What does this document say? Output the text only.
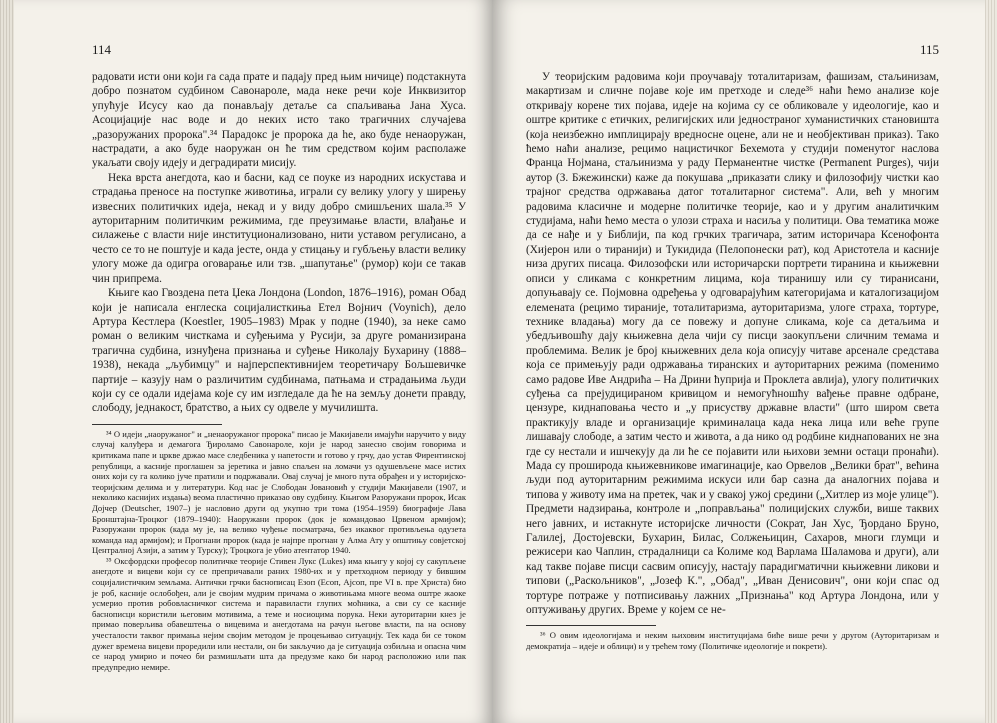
114

радовати исти они који га сада прате и падају пред њим ничице) подстакнута добро познатом судбином Савонароле, мада неке речи које Инквизитор упућује Исусу као да понављају детаље са спаљивања Јана Хуса. Асоцијације нас воде и до неких исто тако трагичних случајева „разоружаних пророка".³⁴ Парадокс је пророка да he, ако буде ненаоружан, настрадати, а ако буде наоружан он ће тим средством којим располаже укаљати своју идеју и деградирати мисију.

Нека врста анегдота, као и басни, кад се поуке из народних искустава и страдања преносе на поступке животиња, играли су велику улогу у ширењу извесних политичких идеја, некад и у виду добро смишљених шала.³⁵ У ауторитарним политичким режимима, где преузимање власти, влађање и силажење с власти није институционализовано, нити уставом регулисано, а често се то не поштује и када јесте, онда у стицању и губљењу власти велику улогу може да одигра оговарање или тзв. „шапутање" (румор) који се такав чин припрема.

Књиге као Гвоздена пета Џека Лондона (London, 1876–1916), роман Обад који је написала енглеска социјалисткиња Етел Војнич (Voynich), дело Артура Кестлера (Koestler, 1905–1983) Мрак у подне (1940), за неке само роман о великим чисткама и суђењима у Русији, за друге романизирана трагична судбина, изнуђена признања и суђење Николају Бухарину (1888–1938), некада „љубимцу" и најперспективнијем теоретичару Бољшевичке партије – казују нам о различитим судбинама, патњама и страдањима људи који су се одали идејама које су им изгледале да ће на земљу донети правду, слободу, једнакост, братство, а њих су одвеле у мучилишта.

³⁴ О идеји „наоружаног" и „ненаоружаног пророка" писао је Макијавели имајући наручито у виду случај калуђера и демагога Ђироламо Савонароле, који је народ занесно својим говорима и критикама папе и цркве држао масе следбеника у напетости и готово у грчу, дао устав Фирентинској републици, а касније проглашен за јеретика и јавно спаљен на ломачи уз одушевљене масе истих оних који су га колико јуче пратили и подржавали. Овај случај је много пута обрађен и у историјско-теоријским делима и у литератури. Код нас је Слободан Јовановић у студији Макијавели (1907, и неколико каснијих издања) веома пластично приказао ову судбину. Књигом Разоружани пророк, Исак Дојчер (Deutscher, 1907–) је насловио други од укупно три тома (1954–1959) биографије Лава Бронштајна-Троцког (1879–1940): Наоружани пророк (док је командовао Црвеном армијом); Разоружани пророк (када му је, на велико чуђење посматрача, без икаквог противљења одузета команда над армијом); и Прогнани пророк (када је најпре прогнан у Алма Ату у општињу совјетској Централној Азији, а затим у Турску); Троцкога је убио атентатор 1940.

³⁵ Оксфордски професор политичке теорије Стивен Лукс (Lukes) има књигу у којој су сакупљене анегдоте и вицеви који су се препричавали раних 1980-их и у претходном периоду у бившим социјалистичким земљама. Антички грчки баснописац Езоп (Есоп, Ајсоп, пре VI в. пре Христа) био је роб, касније ослобођен, али је својим мудрим причама о животињама многе веома оштре жаоке усмерио против робовласничког система и паравиласти глупих моћника, а сви су се касније баснописци користили његовим мотивима, а теме и носиоцима порука. Неки ауторитарни кнез је примао поверљива обавештења о вицевима и анегдотама на рачун његове власти, па на основу учесталости таквог примања нејим својим методом је процењивао ситуацију. Тек када би се током дужег времена вицеви проредили или нестали, он би закључио да је ситуација озбиљна и опасна чим се народ умирио и почео би размишљати шта да предузме како би народ расположио или пак предупредио немире.

115

У теоријским радовима који проучавају тоталитаризам, фашизам, стаљинизам, макартизам и сличне појаве које им претходе и следе³⁶ наћи ћемо анализе које откривају корене тих појава, идеје на којима су се обликовале у идеологије, као и оштре критике с етичких, религијских или једностраног хуманистичких становишта (која неизбежно имплицирају вредносне оцене, али не и необјективан приказ). Тако ћемо наћи анализе, рецимо нацистичког Бехемота у студији поменутог наслова Франца Нојмана, стаљинизма у раду Перманентне чистке (Permanent Purges), чији аутор (З. Бжежински) каже да покушава „приказати слику и филозофију чистки као трајног средства одржавања датог тоталитарног система". Али, већ у многим радовима класичне и модерне политичке теорије, као и у другим аналитичким студијама, наћи ћемо места о улози страха и насиља у политици. Ова тематика може да се нађе и у Библији, па код грчких трагичара, затим историчара Ксенофонта (Хијерон или о тиранији) и Тукидида (Пелопонески рат), код Аристотела и касније низа других писаца. Филозофски или историчарски портрети тиранина и књижевни описи у сликама с конкретним лицима, која тиранишу или су тиранисани, допуњавају се. Појмовна одређења у одговарајућим категоријама и каталогизацијом елемената (рецимо тираније, тоталитаризма, ауторитаризма, улоге страха, тортуре, технике владања) могу да се повежу и допуне сликама, које са детаљима и убедљивошћу дају књижевна дела чији су писци заокупљени сличним темама и проблемима. Велик је број књижевних дела која описују читаве арсенале средстава која се примењују ради одржавања тиранских и ауторитарних режима (поменимо само радове Иве Андрића – На Дрини ћуприја и Проклета авлија), улогу политичких суђења са прејудицираном кривицом и немогућношћу вађење правне одбране, цензуре, киднаповања често и „у присуству државне власти" (што широм света практикују владе и организације криминалаца када нека лица или веће групе лишавају слободе, а затим често и живота, а да нико од родбине киднапованих не зна где су нестали и ишчекују да ли ће се појавити или њихови земни остаци пронаћи). Мада су проширода књижевникове имагинације, као Орвелов „Велики брат", већина људи под ауторитарним режимима искуси или бар сазна да аналогних појава и типова у животу има на претек, чак и у свакој ужој средини („Хитлер из моје улице"). Предмети надзирања, контроле и „поправљања" полицијских служби, више таквих него јавних, и истакнуте историјске личности (Сократ, Јан Хус, Ђордано Бруно, Галилеј, Достојевски, Бухарин, Билас, Солжењицин, Сахаров, многи глумци и режисери као Чаплин, страдалници са Колиме код Варлама Шаламова и други), али кад такве појаве писци сасвим описују, настају парадигматични књижевни ликови и типови („Раскољников", „Јозеф К.", „Обад", „Иван Денисович", они који спас од тортуре потраже у потписивању лажних „Признања" код Артура Лондона, или у оптуживању других. Време у којем се не-

³⁶ О овим идеологијама и неким њиховим институцијама биће више речи у другом (Ауторитаризам и демократија – идеје и облици) и у трећем тому (Политичке идеологије и покрети).
